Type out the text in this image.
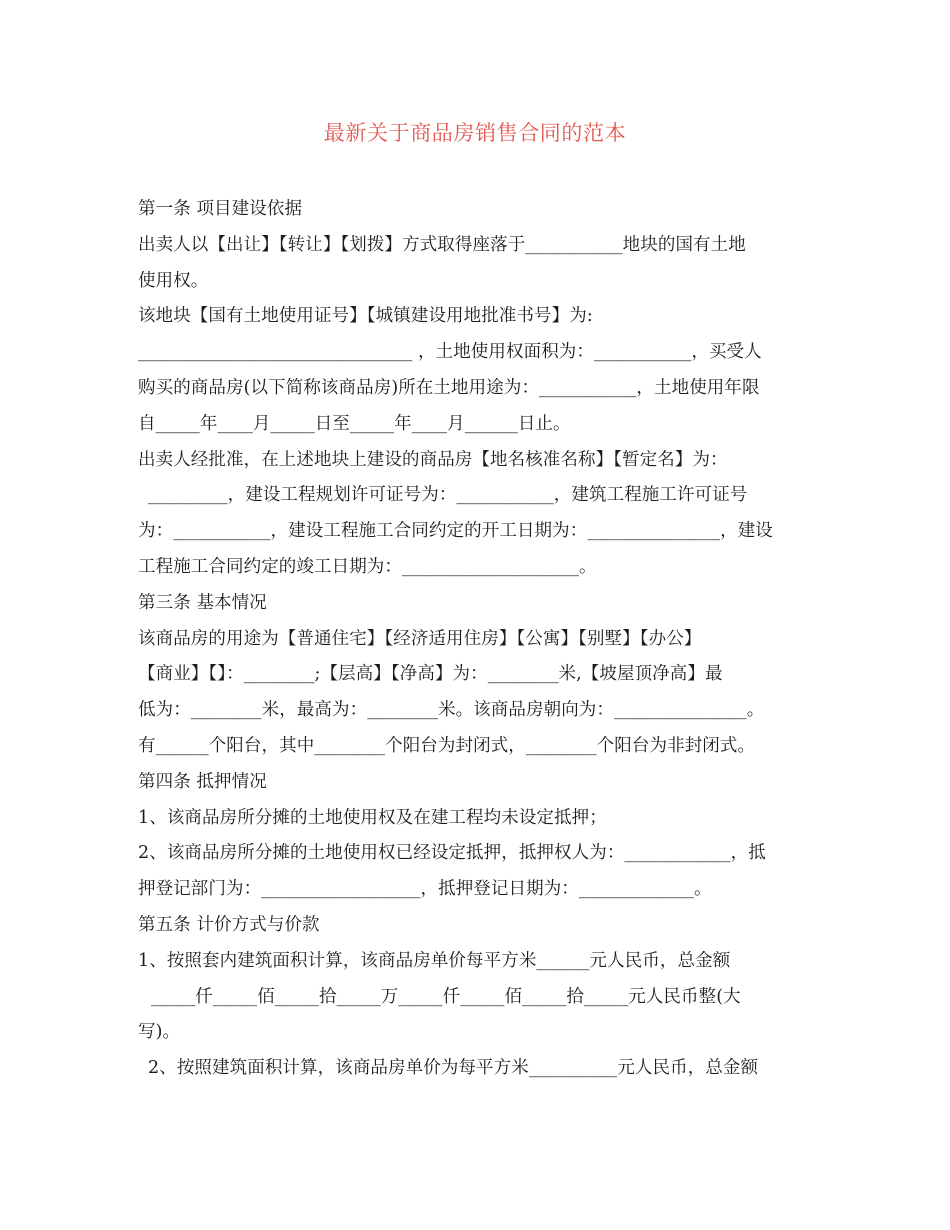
最新关于商品房销售合同的范本
第一条 项目建设依据
出卖人以【出让】【转让】【划拨】方式取得座落于___________地块的国有土地
使用权。
该地块【国有土地使用证号】【城镇建设用地批准书号】为:
_______________________________ ，土地使用权面积为：___________，买受人
购买的商品房(以下简称该商品房)所在土地用途为：___________，土地使用年限
自_____年____月_____日至_____年____月______日止。
出卖人经批准，在上述地块上建设的商品房【地名核准名称】【暂定名】为：
_________，建设工程规划许可证号为：___________，建筑工程施工许可证号
为：___________，建设工程施工合同约定的开工日期为：_______________，建设
工程施工合同约定的竣工日期为：____________________。
第三条 基本情况
该商品房的用途为【普通住宅】【经济适用住房】【公寓】【别墅】【办公】
【商业】【】：________;【层高】【净高】为：________米,【坡屋顶净高】最
低为：________米，最高为：________米。该商品房朝向为：_______________。
有______个阳台，其中________个阳台为封闭式，________个阳台为非封闭式。
第四条 抵押情况
1、该商品房所分摊的土地使用权及在建工程均未设定抵押；
2、该商品房所分摊的土地使用权已经设定抵押，抵押权人为：____________，抵
押登记部门为：__________________，抵押登记日期为：_____________。
第五条 计价方式与价款
1、按照套内建筑面积计算，该商品房单价每平方米______元人民币，总金额
_____仟_____佰_____拾_____万_____仟_____佰_____拾_____元人民币整(大
写)。
2、按照建筑面积计算，该商品房单价为每平方米__________元人民币，总金额
